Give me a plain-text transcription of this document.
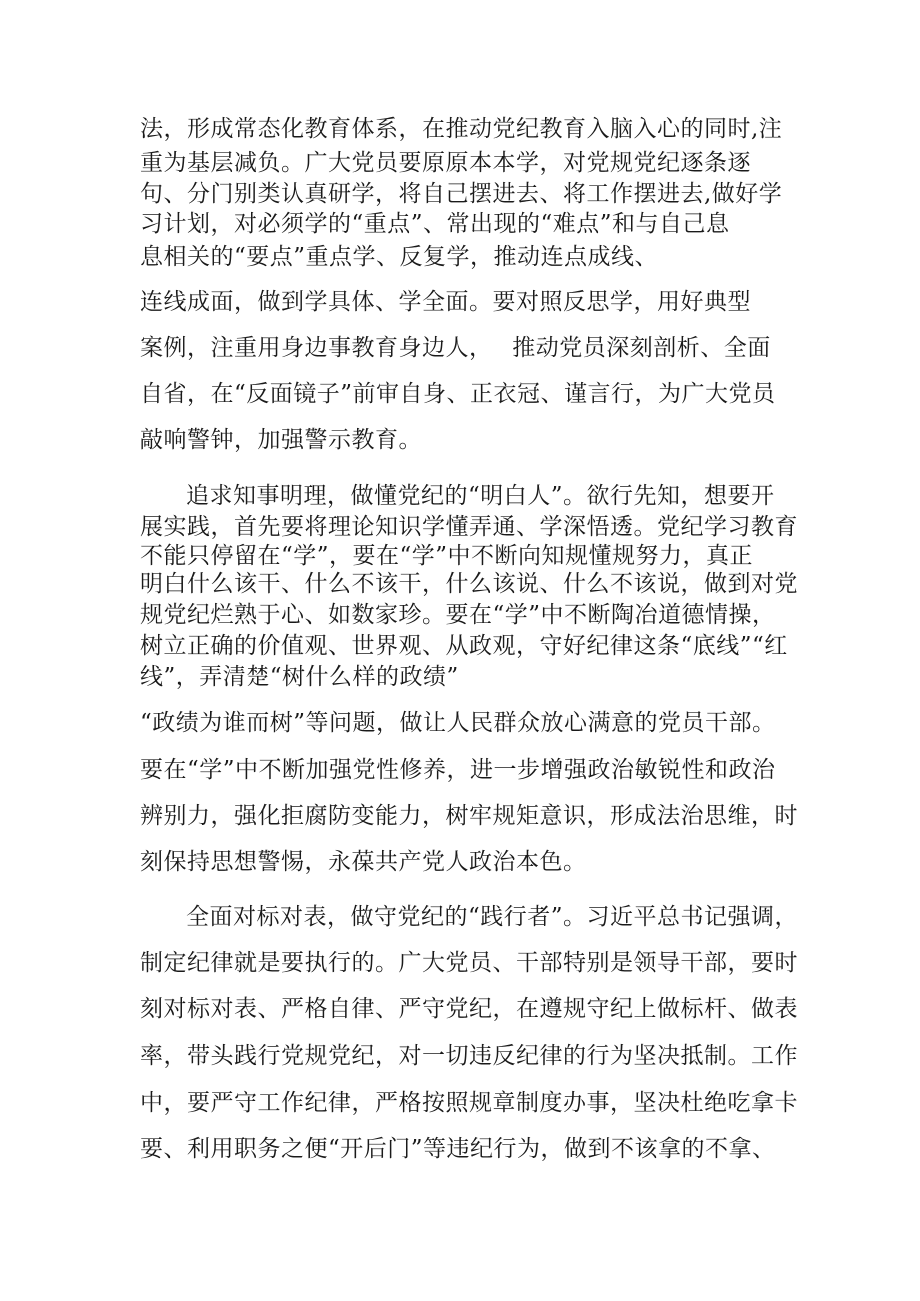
法，形成常态化教育体系，在推动党纪教育入脑入心的同时,注

重为基层减负。广大党员要原原本本学，对党规党纪逐条逐

句、分门别类认真研学，将自己摆进去、将工作摆进去,做好学

习计划，对必须学的“重点”、常出现的“难点”和与自己息

息相关的“要点”重点学、反复学，推动连点成线、

连线成面，做到学具体、学全面。要对照反思学，用好典型

案例，注重用身边事教育身边人，　 推动党员深刻剖析、全面

自省，在“反面镜子”前审自身、正衣冠、谨言行，为广大党员

敲响警钟，加强警示教育。

追求知事明理，做懂党纪的“明白人”。欲行先知，想要开

展实践，首先要将理论知识学懂弄通、学深悟透。党纪学习教育

不能只停留在“学”，要在“学”中不断向知规懂规努力，真正

明白什么该干、什么不该干，什么该说、什么不该说，做到对党

规党纪烂熟于心、如数家珍。要在“学”中不断陶冶道德情操，

树立正确的价值观、世界观、从政观，守好纪律这条“底线”“红

线”，弄清楚“树什么样的政绩”

“政绩为谁而树”等问题，做让人民群众放心满意的党员干部。

要在“学”中不断加强党性修养，进一步增强政治敏锐性和政治

辨别力，强化拒腐防变能力，树牢规矩意识，形成法治思维，时

刻保持思想警惕，永葆共产党人政治本色。

全面对标对表，做守党纪的“践行者”。习近平总书记强调，

制定纪律就是要执行的。广大党员、干部特别是领导干部，要时

刻对标对表、严格自律、严守党纪，在遵规守纪上做标杆、做表

率，带头践行党规党纪，对一切违反纪律的行为坚决抵制。工作

中，要严守工作纪律，严格按照规章制度办事，坚决杜绝吃拿卡

要、利用职务之便“开后门”等违纪行为，做到不该拿的不拿、
